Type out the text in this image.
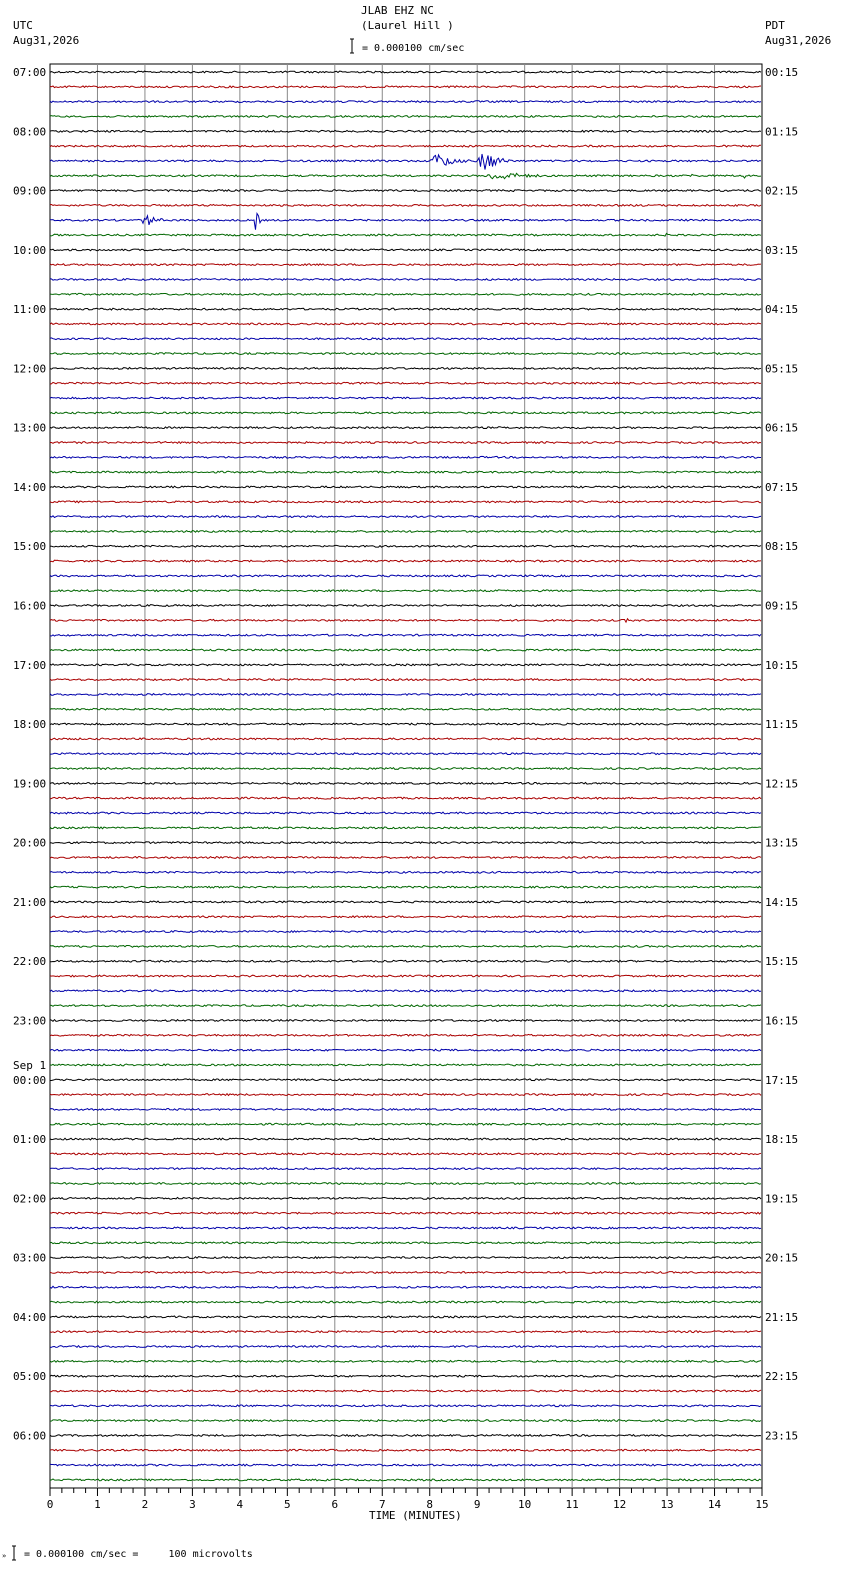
JLAB EHZ NC
(Laurel Hill )
= 0.000100 cm/sec
UTC
Aug31,2026
PDT
Aug31,2026
TIME (MINUTES)
= 0.000100 cm/sec =     100 microvolts
07:00
08:00
09:00
10:00
11:00
12:00
13:00
14:00
15:00
16:00
17:00
18:00
19:00
20:00
21:00
22:00
23:00
00:00
Sep 1
01:00
02:00
03:00
04:00
05:00
06:00
00:15
01:15
02:15
03:15
04:15
05:15
06:15
07:15
08:15
09:15
10:15
11:15
12:15
13:15
14:15
15:15
16:15
17:15
18:15
19:15
20:15
21:15
22:15
23:15
0	1	2	3	4	5	6	7	8	9	10	11	12	13	14	15
»
